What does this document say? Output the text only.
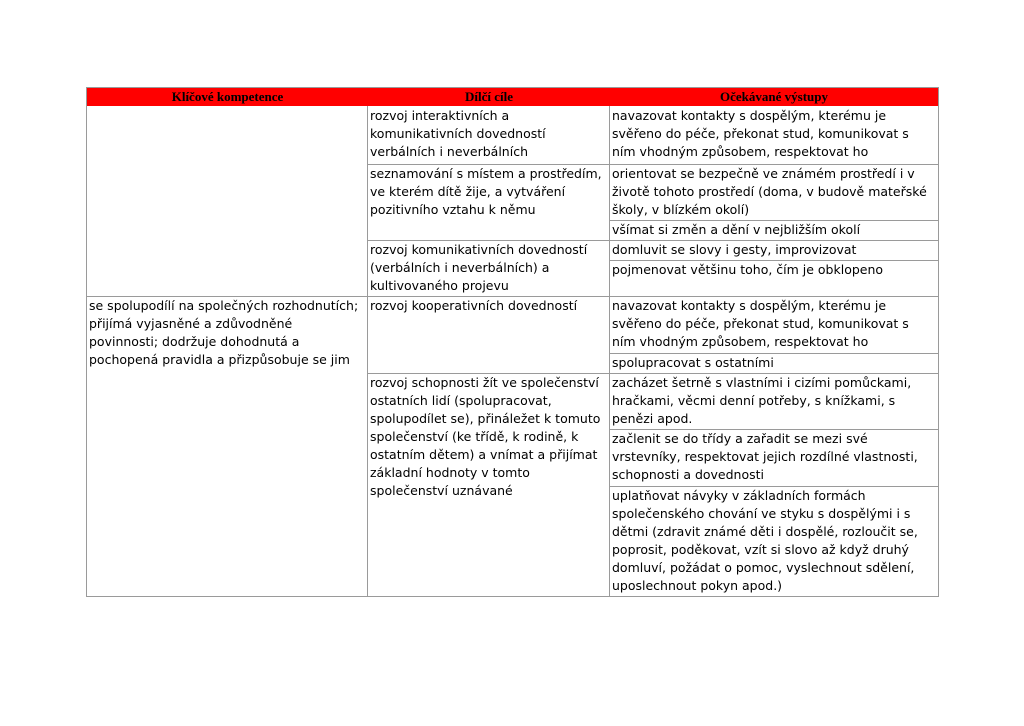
Klíčové kompetence	Dílčí cíle	Očekávané výstupy
rozvoj interaktivních a komunikativních dovedností verbálních i neverbálních
seznamování s místem a prostředím, ve kterém dítě žije, a vytváření pozitivního vztahu k němu
rozvoj komunikativních dovedností (verbálních i neverbálních) a kultivovaného projevu
navazovat kontakty s dospělým, kterému je svěřeno do péče, překonat stud, komunikovat s ním vhodným způsobem, respektovat ho
orientovat se bezpečně ve známém prostředí i v životě tohoto prostředí (doma, v budově mateřské školy, v blízkém okolí)
všímat si změn a dění v nejbližším okolí
domluvit se slovy i gesty, improvizovat
pojmenovat většinu toho, čím je obklopeno
se spolupodílí na společných rozhodnutích; přijímá vyjasněné a zdůvodněné povinnosti; dodržuje dohodnutá a pochopená pravidla a přizpůsobuje se jim
rozvoj kooperativních dovedností
rozvoj schopnosti žít ve společenství ostatních lidí (spolupracovat, spolupodílet se), přináležet k tomuto společenství (ke třídě, k rodině, k ostatním dětem) a vnímat a přijímat základní hodnoty v tomto společenství uznávané
navazovat kontakty s dospělým, kterému je svěřeno do péče, překonat stud, komunikovat s ním vhodným způsobem, respektovat ho
spolupracovat s ostatními
zacházet šetrně s vlastními i cizími pomůckami, hračkami, věcmi denní potřeby, s knížkami, s penězi apod.
začlenit se do třídy a zařadit se mezi své vrstevníky, respektovat jejich rozdílné vlastnosti, schopnosti a dovednosti
uplatňovat návyky v základních formách společenského chování ve styku s dospělými i s dětmi (zdravit známé děti i dospělé, rozloučit se, poprosit, poděkovat, vzít si slovo až když druhý domluví, požádat o pomoc, vyslechnout sdělení, uposlechnout pokyn apod.)
